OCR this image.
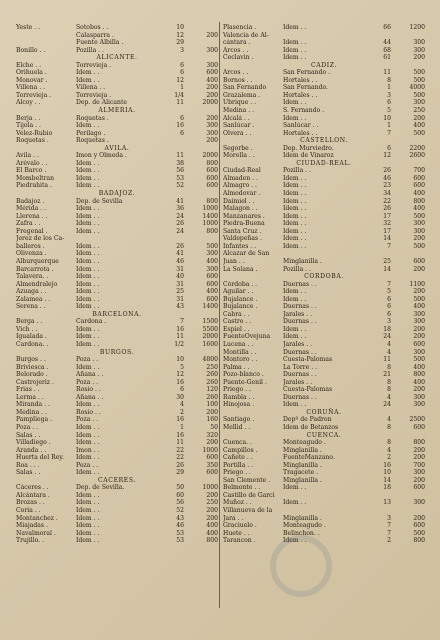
Yeste . .	Sotobos . .	10
Calasparra .	12	200
Fuente Albilla .	29
Bonillo . .	Pozilla . .	3	300
ALICANTE.
Elche . .	Torrevieja .	6	300
Orihuela .	Idem . .	6	600
Monovar .	Idem . .	12	400
Villena . .	Villena . .	1	200
Torrevieja .	Torrevieja .	1/4	200
Alcoy . .	Dep. de Alicante	11	2000
ALMERIA.
Berja . .	Roquetas .	6	200
Tijola . .	Idem . .	16	300
Velez-Rubio	Perilago .	6	300
Roquetas .	Roquetas .	200
AVILA.
Avila . .	Imon y Olmeda .	11	2000
Arévalo . .	Idem . .	38	800
El Barco .	Idem . .	56	600
Mombeltran	Idem . .	53	600
Piedrahita .	Idem . .	52	600
BADAJOZ.
Badajoz .	Dep. de Sevilla	41	800
Mérida . .	Idem . .	36	1000
Llerena . .	Idem . .	24	1400
Zafra . .	Idem . .	26	1000
Fregenal .	Idem . .	24	800
Jerez de los Ca-
balleros .	Idem . .	26	500
Olivenza .	Idem . .	41	300
Alburquerque	Idem . .	46	400
Barcarrota .	Idem . .	31	300
Talavera. .	Idem . .	40	600
Almendralejo	Idem . .	31	600
Azuaga . .	Idem . .	25	400
Zalamea . .	Idem . .	31	600
Serena . .	Idem . .	43	1400
BARCELONA.
Berga . .	Cardona .	7	1500
Vich . .	Idem . .	16	5500
Igualada .	Idem . .	11	2000
Cardona. .	Idem . .	1/2	1600
BURGOS.
Burgos . .	Poza . .	10	4800
Briviesca .	Idem . .	5	250
Belorado .	Añana . .	12	260
Castrojeriz .	Poza . .	16	260
Frias . .	Rosio . .	6	120
Lerma . .	Añana . .	30	260
Miranda . .	Idem . .	4	100
Medina . .	Rosio . .	2	200
Pampliega .	Poza . .	16	160
Poza . .	Idem . .	1	50
Salas . .	Idem . .	16	320
Villadiego .	Idem . .	11	200
Aranda . .	Imon . .	22	1000
Huerta del Rey.	Idem . .	22	600
Roa . . .	Poza . .	26	350
Salas . .	Idem . .	29	600
CACERES.
Cáceres . .	Dep. de Sevilla.	50	1000
Alcántara .	Idem . .	60	200
Brozas . .	Idem . .	56	250
Coria . .	Idem . .	52	200
Montanchez .	Idem . .	43	200
Miajadas .	Idem . .	46	400
Navalmoral .	Idem . .	53	400
Trujillo. .	Idem . .	53	800
Plasencia .	Idem . .	66	1200
Valencia de Al-
cántara .	Idem . .	44	300
Arcos . .	Idem . .	68	300
Ceclavin .	Idem . .	61	200
CADIZ.
Arcos . .	San Fernando .	11	500
Bornos . .	Hortales . .	8	500
San Fernando	San Fernando.	1	4000
Grazalema .	Hortales . .	3	500
Ubrique . .	Idem . .	6	300
Medina . .	S. Fernando .	5	250
Alcalá . .	Idem . .	10	200
Sanlúcar .	Sanlúcar . .	1	400
Olvera . .	Hortales . .	7	500
CASTELLON.
Segorbe .	Dep. Murviedro.	6	2200
Morella . .	Idem de Vinaroz	12	2600
CIUDAD-REAL.
Ciudad-Real	Pozilla . .	26	700
Almaden . .	Idem . .	46	600
Almagro . .	Idem . .	23	600
Almodovar .	Idem . .	34	400
Daimiel . .	Idem . .	22	800
Malagon . .	Idem . .	26	400
Manzanares .	Idem . .	17	500
Piedra-Buena	Idem . .	32	300
Santa Cruz .	Idem . .	17	300
Valdepeñas .	Idem . .	14	200
Infantes . .	Idem . .	7	500
Alcazar de San
Juan . .	Minglanilla .	25	600
La Solana .	Pozilla . .	14	200
CORDOBA.
Córdoba . .	Duernas . .	7	1100
Aguilar . .	Idem . .	5	200
Bujalance .	Idem . .	6	500
Bujalance .	Duernas . .	6	400
Cabra . .	Jarales . .	6	300
Castro . .	Duernas . .	3	300
Espiel . .	Idem . .	18	200
FuenteOvejuna	Idem . .	24	200
Lucena . .	Jarales . .	4	600
Montilla . .	Duernas . .	4	300
Montoro . .	Cuesta-Palomas	11	500
Palma . .	La Torre . .	8	400
Pozo-blanco .	Duernas . .	21	800
Puente-Genil .	Jarales . .	8	400
Priego . .	Cuesta-Palomas	8	200
Rambla . .	Duernas . .	4	300
Hinojosa .	Idem . .	24	300
CORUÑA.
Santiago .	Depº de Padron	4	2500
Mellid . .	Idem de Betanzos	8	600
CUENCA.
Cuenca. .	Monteagudo .	8	800
Campillos .	Minglanilla .	4	200
Cañete . .	FuenteManzano.	2	200
Portilla . .	Minglanilla .	16	700
Priego . .	Tragacete .	10	300
San Clemente .	Minglanilla .	14	200
Belmonte . .	Idem . .	18	600
Castillo de Garci
Muñoz . .	Idem . .	13	300
Villanueva de la
Jara . .	Minglanilla .	3	200
Graciuelo .	Monteagudo .	7	600
Huete . .	Belinchon. .	7	500
Tarancon .	Idem . .	2	800
